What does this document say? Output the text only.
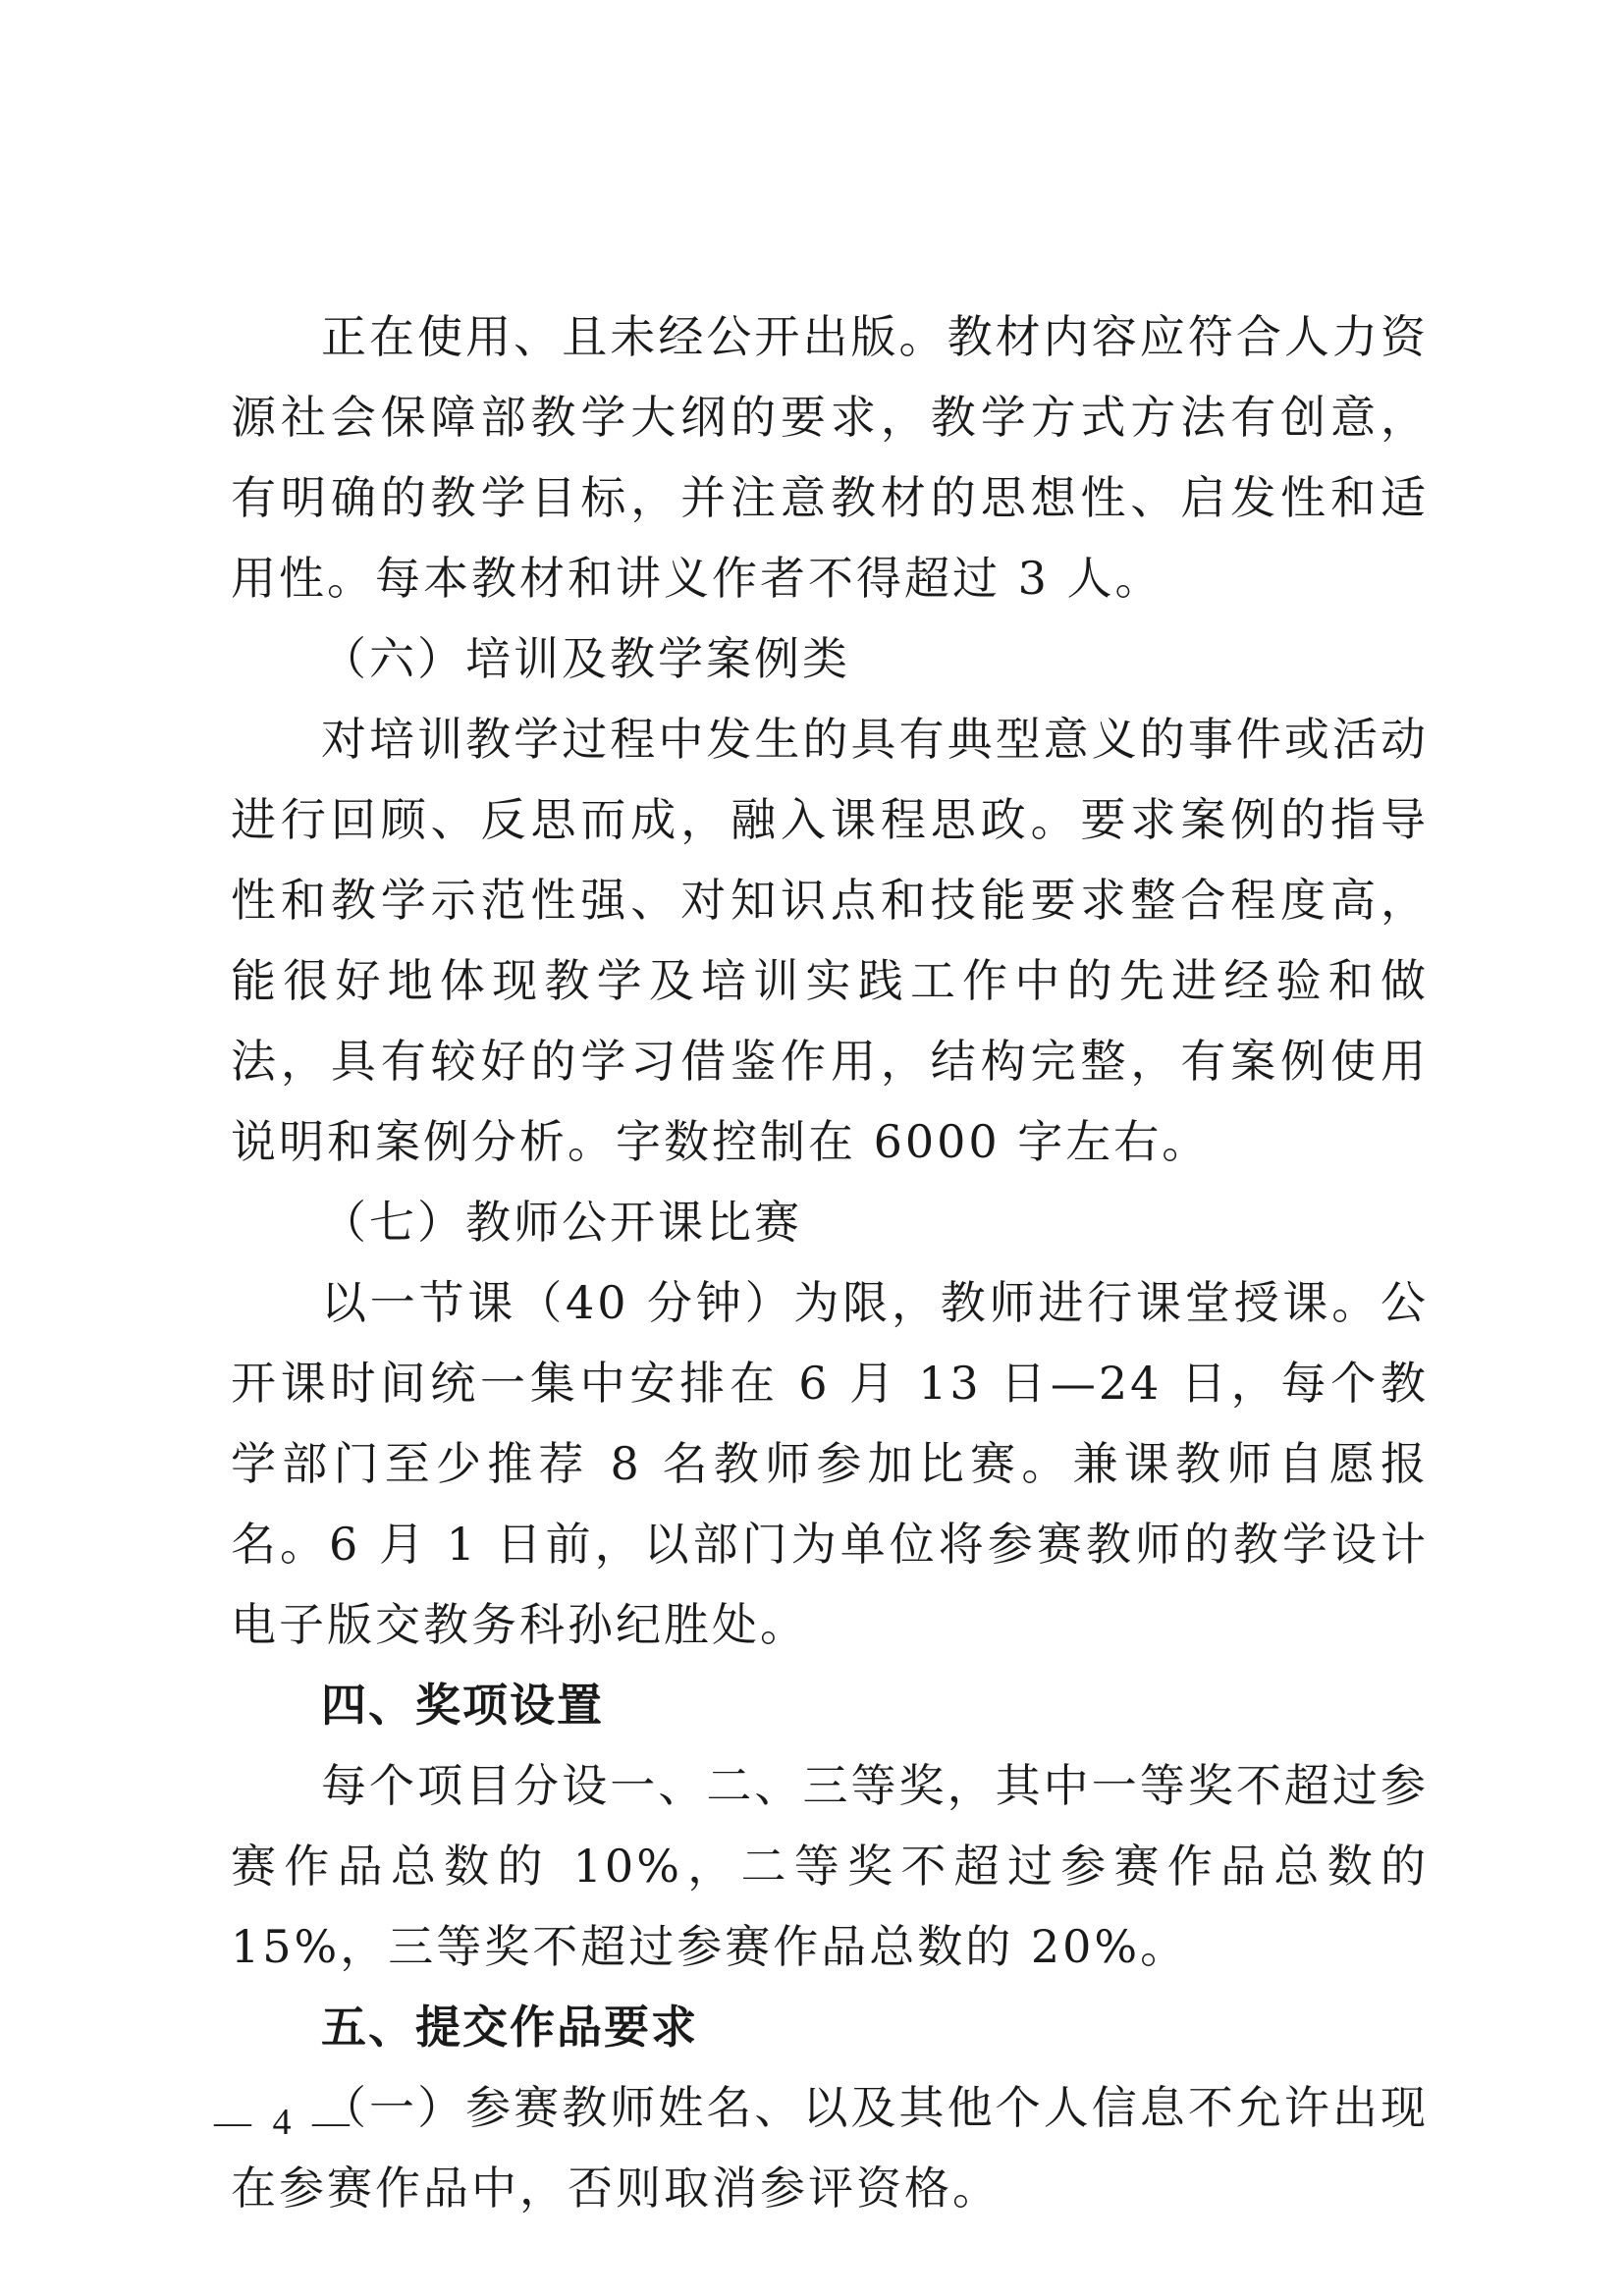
正在使用、且未经公开出版。教材内容应符合人力资源社会保障部教学大纲的要求，教学方式方法有创意，有明确的教学目标，并注意教材的思想性、启发性和适用性。每本教材和讲义作者不得超过 3 人。

（六）培训及教学案例类

对培训教学过程中发生的具有典型意义的事件或活动进行回顾、反思而成，融入课程思政。要求案例的指导性和教学示范性强、对知识点和技能要求整合程度高，能很好地体现教学及培训实践工作中的先进经验和做法，具有较好的学习借鉴作用，结构完整，有案例使用说明和案例分析。字数控制在 6000 字左右。

（七）教师公开课比赛

以一节课（40 分钟）为限，教师进行课堂授课。公开课时间统一集中安排在 6 月 13 日—24 日，每个教学部门至少推荐 8 名教师参加比赛。兼课教师自愿报名。6 月 1 日前，以部门为单位将参赛教师的教学设计电子版交教务科孙纪胜处。

四、奖项设置

每个项目分设一、二、三等奖，其中一等奖不超过参赛作品总数的 10%，二等奖不超过参赛作品总数的 15%，三等奖不超过参赛作品总数的 20%。

五、提交作品要求

（一）参赛教师姓名、以及其他个人信息不允许出现在参赛作品中，否则取消参评资格。

— 4 —
